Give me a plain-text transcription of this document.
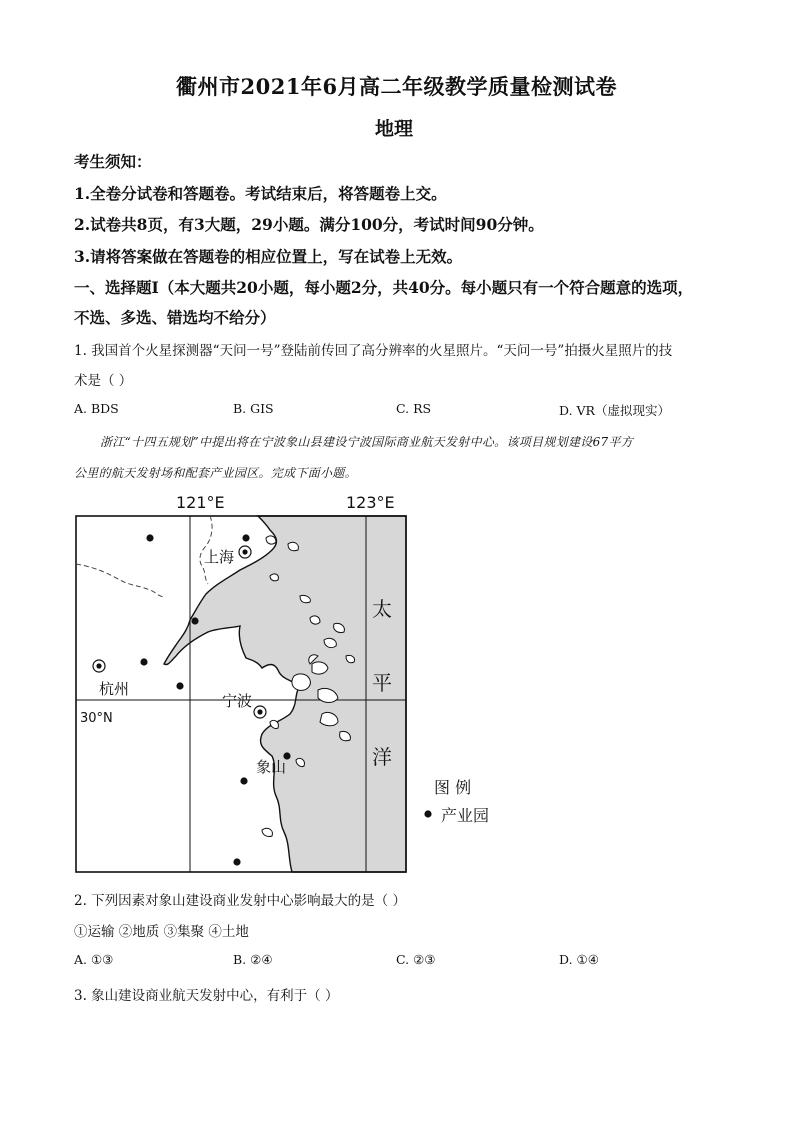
衢州市2021年6月高二年级教学质量检测试卷
地理
考生须知：
1.全卷分试卷和答题卷。考试结束后，将答题卷上交。
2.试卷共8页，有3大题，29小题。满分100分，考试时间90分钟。
3.请将答案做在答题卷的相应位置上，写在试卷上无效。
一、选择题Ⅰ（本大题共20小题，每小题2分，共40分。每小题只有一个符合题意的选项，
不选、多选、错选均不给分）
1. 我国首个火星探测器“天问一号”登陆前传回了高分辨率的火星照片。“天问一号”拍摄火星照片的技
术是（ ）
A. BDS	B. GIS	C. RS	D. VR（虚拟现实）
浙江“十四五规划”中提出将在宁波象山县建设宁波国际商业航天发射中心。该项目规划建设67平方
公里的航天发射场和配套产业园区。完成下面小题。
121°E	123°E
太
平
洋
上海
杭州
宁波
象山
30°N
图 例
产业园
2. 下列因素对象山建设商业发射中心影响最大的是（ ）
①运输 ②地质 ③集聚 ④土地
A. ①③	B. ②④	C. ②③	D. ①④
3. 象山建设商业航天发射中心，有利于（ ）
